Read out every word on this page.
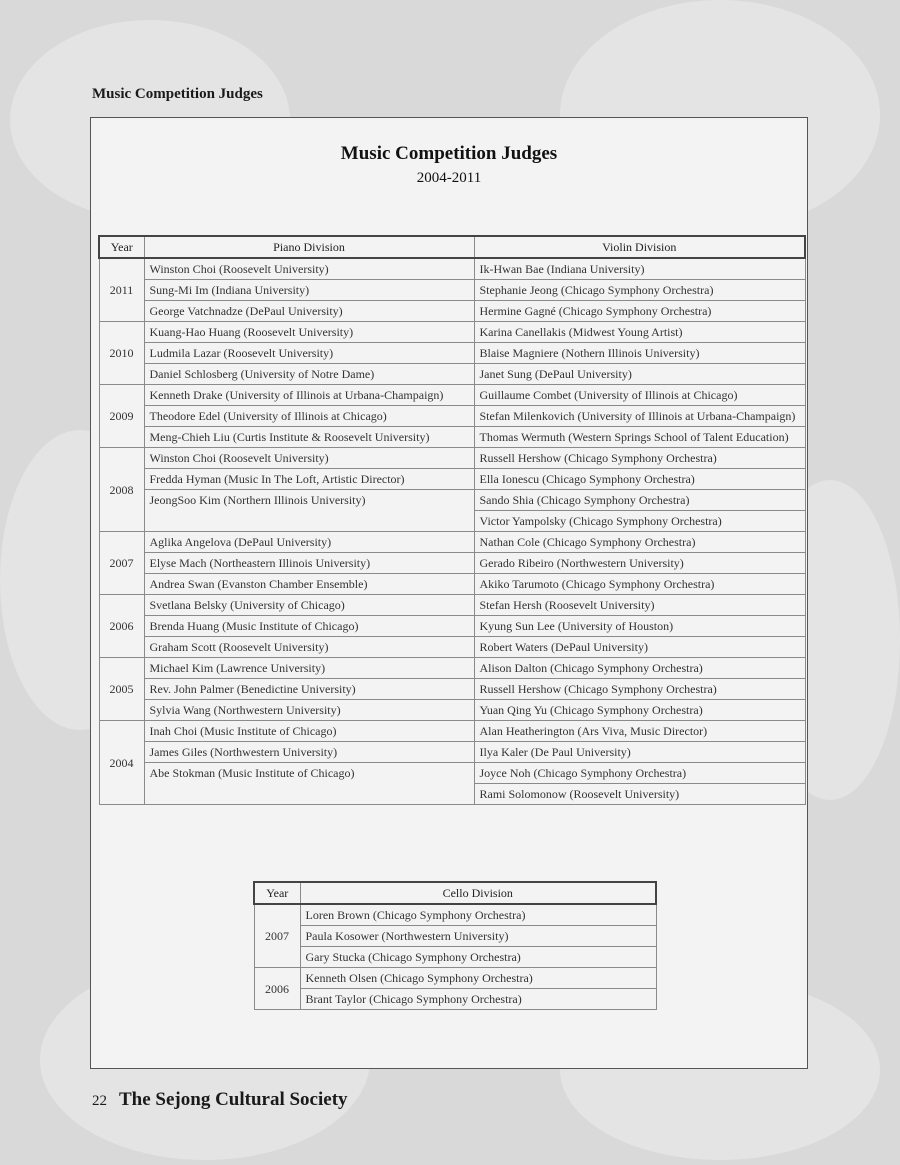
Music Competition Judges
Music Competition Judges
2004-2011
Year	Piano Division	Violin Division
2011	Winston Choi (Roosevelt University)	Ik-Hwan Bae (Indiana University)
	Sung-Mi Im (Indiana University)	Stephanie Jeong (Chicago Symphony Orchestra)
	George Vatchnadze (DePaul University)	Hermine Gagné (Chicago Symphony Orchestra)
2010	Kuang-Hao Huang (Roosevelt University)	Karina Canellakis (Midwest Young Artist)
	Ludmila Lazar (Roosevelt University)	Blaise Magniere (Nothern Illinois University)
	Daniel Schlosberg (University of Notre Dame)	Janet Sung (DePaul University)
2009	Kenneth Drake (University of Illinois at Urbana-Champaign)	Guillaume Combet (University of Illinois at Chicago)
	Theodore Edel (University of Illinois at Chicago)	Stefan Milenkovich (University of Illinois at Urbana-Champaign)
	Meng-Chieh Liu (Curtis Institute & Roosevelt University)	Thomas Wermuth (Western Springs School of Talent Education)
2008	Winston Choi (Roosevelt University)	Russell Hershow (Chicago Symphony Orchestra)
	Fredda Hyman (Music In The Loft, Artistic Director)	Ella Ionescu (Chicago Symphony Orchestra)
	JeongSoo Kim (Northern Illinois University)	Sando Shia (Chicago Symphony Orchestra)
		Victor Yampolsky (Chicago Symphony Orchestra)
2007	Aglika Angelova (DePaul University)	Nathan Cole (Chicago Symphony Orchestra)
	Elyse Mach (Northeastern Illinois University)	Gerado Ribeiro (Northwestern University)
	Andrea Swan (Evanston Chamber Ensemble)	Akiko Tarumoto (Chicago Symphony Orchestra)
2006	Svetlana Belsky (University of Chicago)	Stefan Hersh (Roosevelt University)
	Brenda Huang (Music Institute of Chicago)	Kyung Sun Lee (University of Houston)
	Graham Scott (Roosevelt University)	Robert Waters (DePaul University)
2005	Michael Kim (Lawrence University)	Alison Dalton (Chicago Symphony Orchestra)
	Rev. John Palmer (Benedictine University)	Russell Hershow (Chicago Symphony Orchestra)
	Sylvia Wang (Northwestern University)	Yuan Qing Yu (Chicago Symphony Orchestra)
2004	Inah Choi (Music Institute of Chicago)	Alan Heatherington (Ars Viva, Music Director)
	James Giles (Northwestern University)	Ilya Kaler (De Paul University)
	Abe Stokman (Music Institute of Chicago)	Joyce Noh (Chicago Symphony Orchestra)
		Rami Solomonow (Roosevelt University)
Year	Cello Division
2007	Loren Brown (Chicago Symphony Orchestra)
	Paula Kosower (Northwestern University)
	Gary Stucka (Chicago Symphony Orchestra)
2006	Kenneth Olsen (Chicago Symphony Orchestra)
	Brant Taylor (Chicago Symphony Orchestra)
22 The Sejong Cultural Society
